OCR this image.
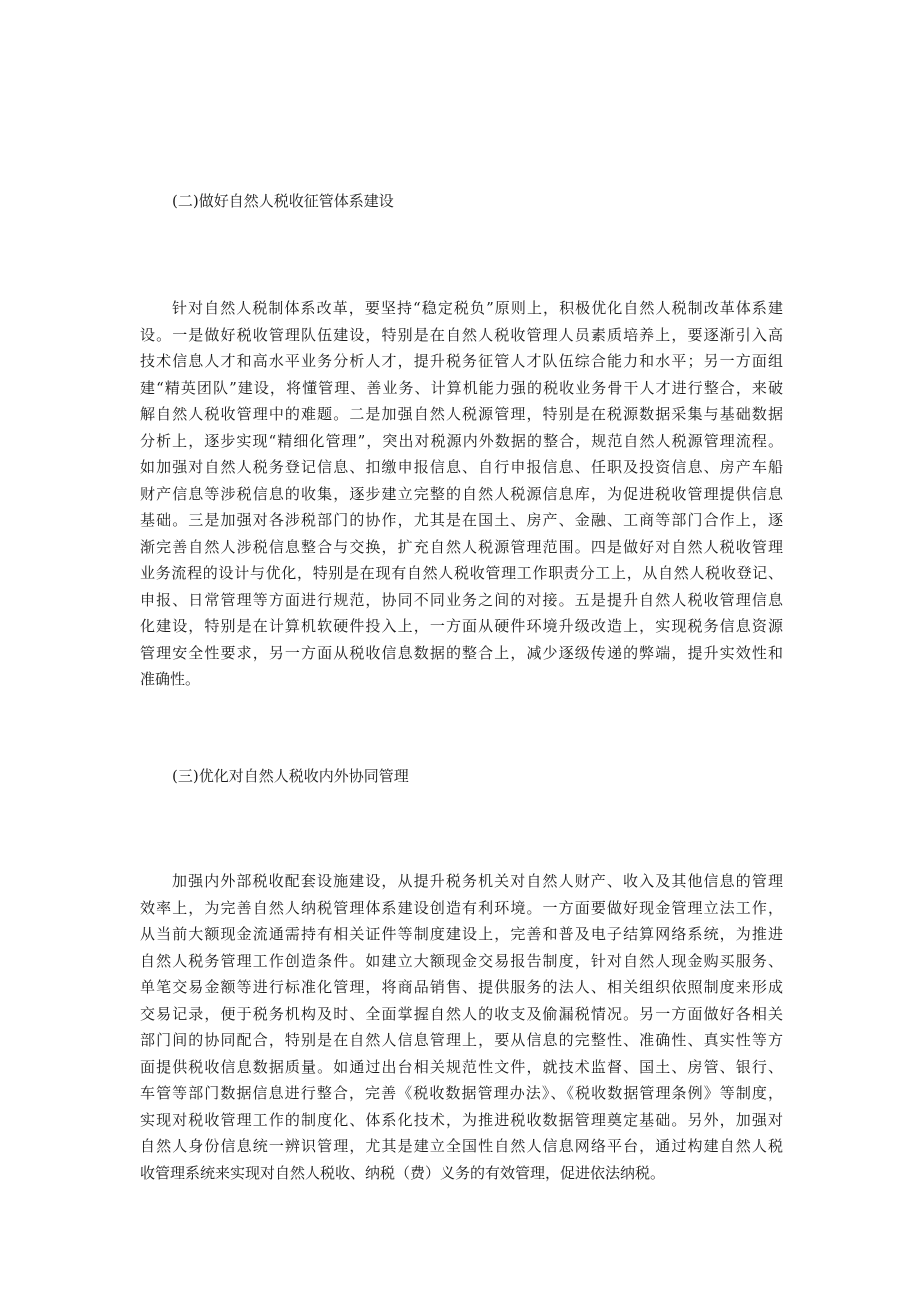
(二)做好自然人税收征管体系建设
针对自然人税制体系改革，要坚持“稳定税负”原则上，积极优化自然人税制改革体系建
设。一是做好税收管理队伍建设，特别是在自然人税收管理人员素质培养上，要逐渐引入高
技术信息人才和高水平业务分析人才，提升税务征管人才队伍综合能力和水平；另一方面组
建“精英团队”建设，将懂管理、善业务、计算机能力强的税收业务骨干人才进行整合，来破
解自然人税收管理中的难题。二是加强自然人税源管理，特别是在税源数据采集与基础数据
分析上，逐步实现“精细化管理”，突出对税源内外数据的整合，规范自然人税源管理流程。
如加强对自然人税务登记信息、扣缴申报信息、自行申报信息、任职及投资信息、房产车船
财产信息等涉税信息的收集，逐步建立完整的自然人税源信息库，为促进税收管理提供信息
基础。三是加强对各涉税部门的协作，尤其是在国土、房产、金融、工商等部门合作上，逐
渐完善自然人涉税信息整合与交换，扩充自然人税源管理范围。四是做好对自然人税收管理
业务流程的设计与优化，特别是在现有自然人税收管理工作职责分工上，从自然人税收登记、
申报、日常管理等方面进行规范，协同不同业务之间的对接。五是提升自然人税收管理信息
化建设，特别是在计算机软硬件投入上，一方面从硬件环境升级改造上，实现税务信息资源
管理安全性要求，另一方面从税收信息数据的整合上，减少逐级传递的弊端，提升实效性和
准确性。
(三)优化对自然人税收内外协同管理
加强内外部税收配套设施建设，从提升税务机关对自然人财产、收入及其他信息的管理
效率上，为完善自然人纳税管理体系建设创造有利环境。一方面要做好现金管理立法工作，
从当前大额现金流通需持有相关证件等制度建设上，完善和普及电子结算网络系统，为推进
自然人税务管理工作创造条件。如建立大额现金交易报告制度，针对自然人现金购买服务、
单笔交易金额等进行标准化管理，将商品销售、提供服务的法人、相关组织依照制度来形成
交易记录，便于税务机构及时、全面掌握自然人的收支及偷漏税情况。另一方面做好各相关
部门间的协同配合，特别是在自然人信息管理上，要从信息的完整性、准确性、真实性等方
面提供税收信息数据质量。如通过出台相关规范性文件，就技术监督、国土、房管、银行、
车管等部门数据信息进行整合，完善《税收数据管理办法》、《税收数据管理条例》等制度，
实现对税收管理工作的制度化、体系化技术，为推进税收数据管理奠定基础。另外，加强对
自然人身份信息统一辨识管理，尤其是建立全国性自然人信息网络平台，通过构建自然人税
收管理系统来实现对自然人税收、纳税（费）义务的有效管理，促进依法纳税。
